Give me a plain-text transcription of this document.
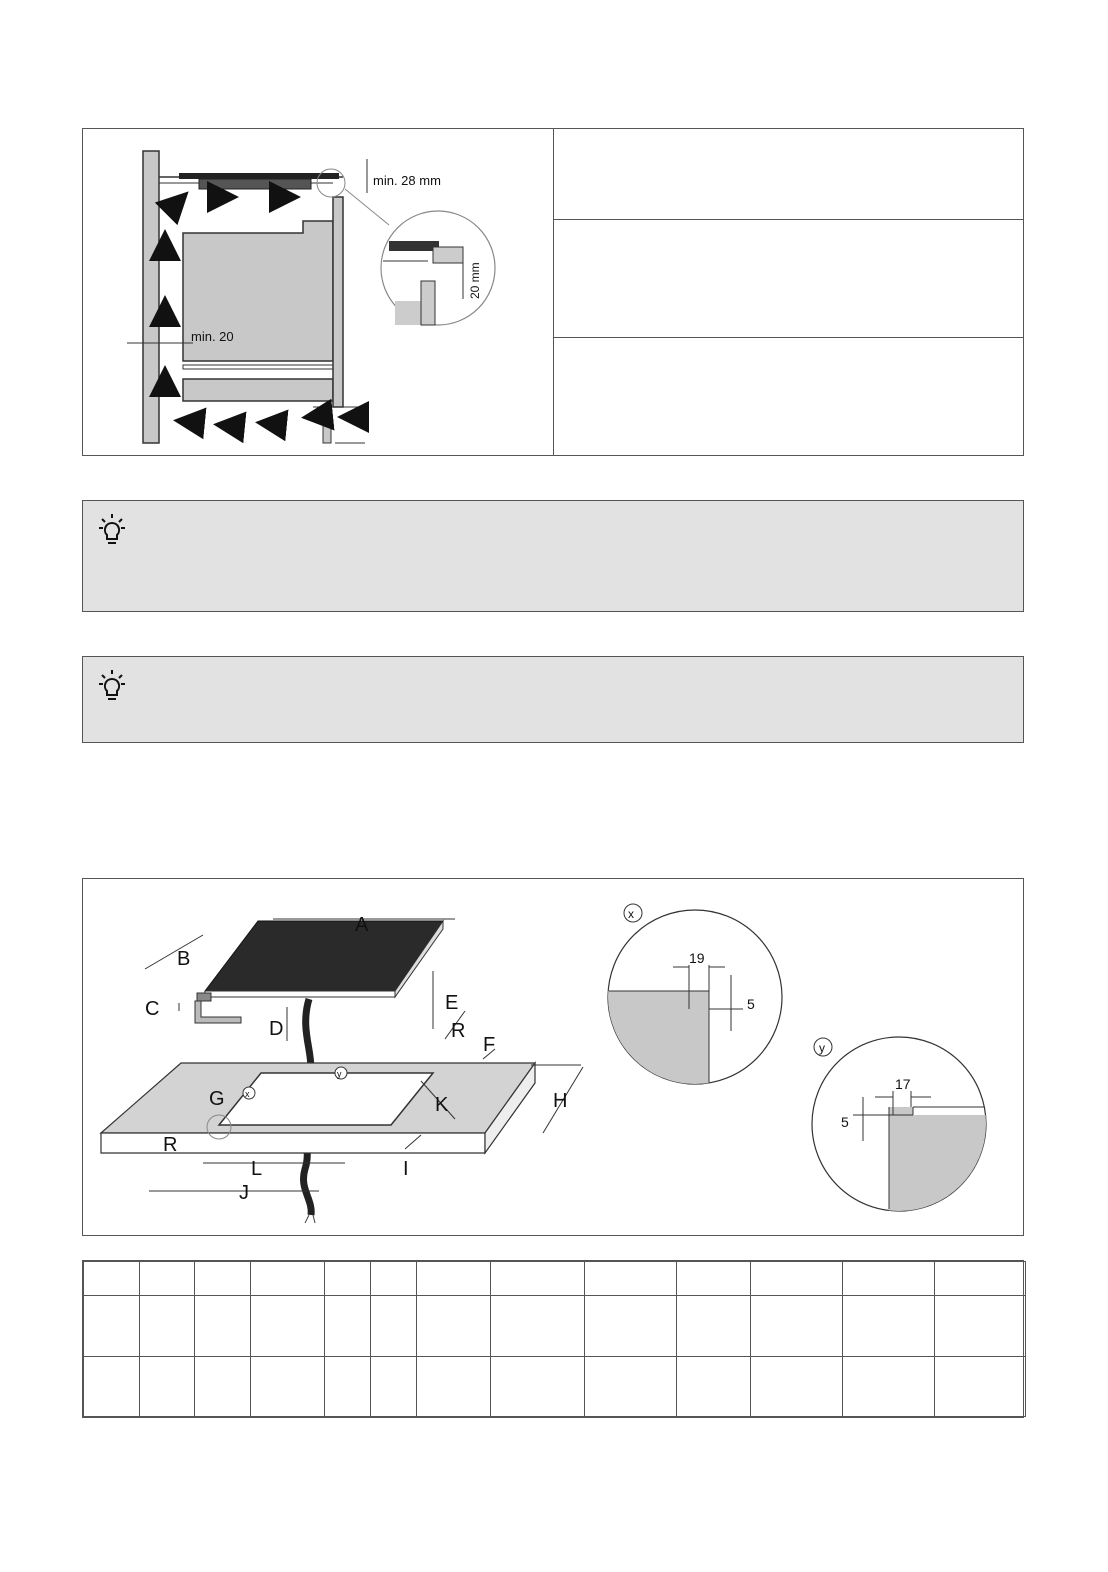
min. 28 mm
min. 20
20 mm
A
B
C
D
E
F
G	H
I
J
K
L
R
R
x
y
x
19
5
y
17
5
